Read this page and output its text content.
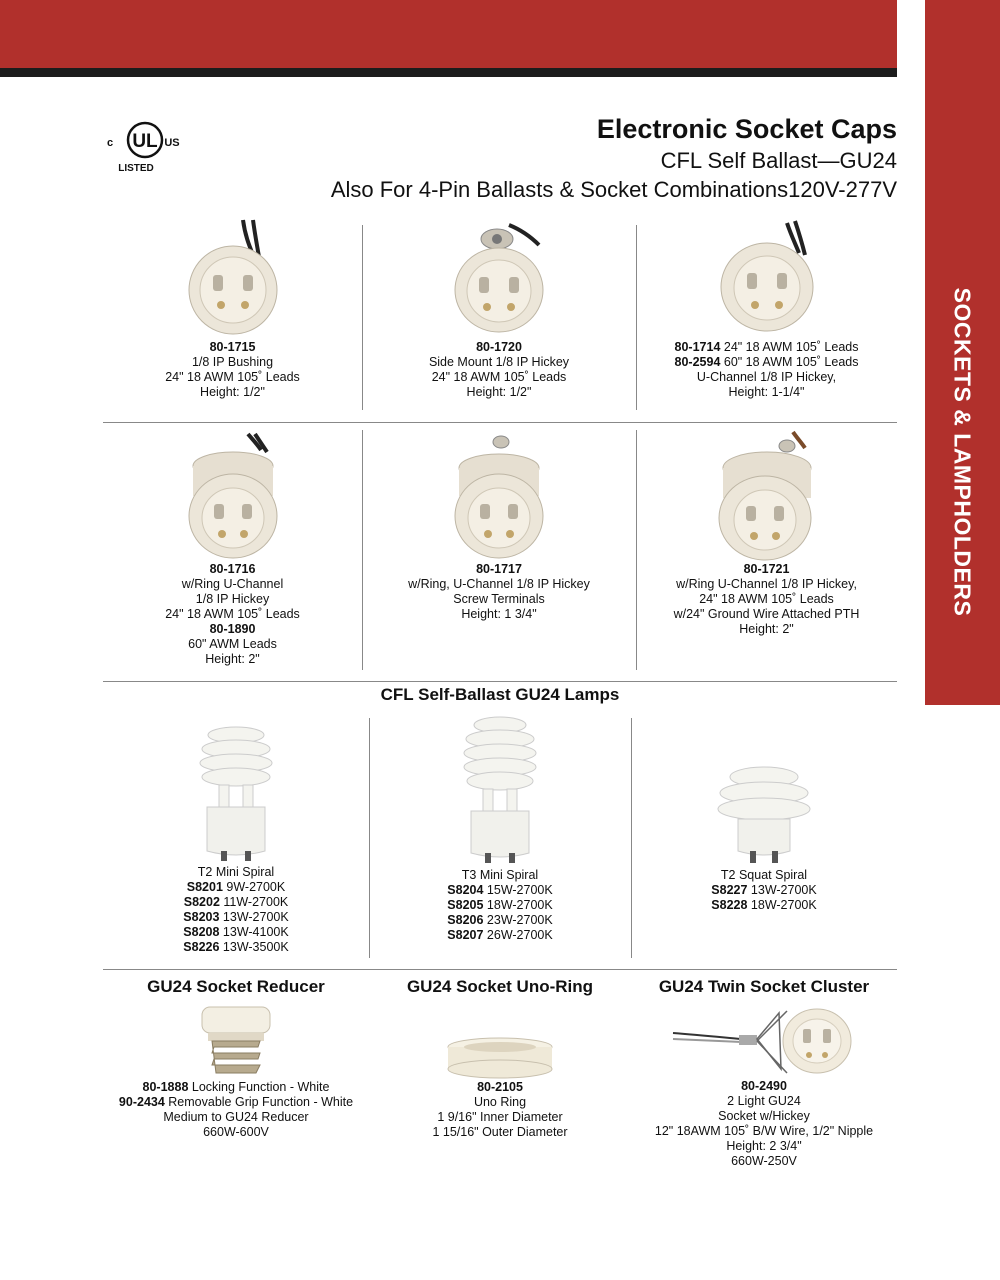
SOCKETS & LAMPHOLDERS
UL
c	US
LISTED
Electronic Socket Caps
CFL Self Ballast—GU24
Also For 4-Pin Ballasts & Socket Combinations120V-277V
80-1715
1/8 IP Bushing
24" 18 AWM 105˚ Leads
Height: 1/2"
80-1720
Side Mount 1/8 IP Hickey
24" 18 AWM 105˚ Leads
Height: 1/2"
80-1714 24" 18 AWM 105˚ Leads
80-2594 60" 18 AWM 105˚ Leads
U-Channel 1/8 IP Hickey,
Height: 1-1/4"
80-1716
w/Ring U-Channel
1/8 IP Hickey
24" 18 AWM 105˚ Leads
80-1890
60" AWM Leads
Height: 2"
80-1717
w/Ring, U-Channel 1/8 IP Hickey
Screw Terminals
Height: 1 3/4"
80-1721
w/Ring U-Channel 1/8 IP Hickey,
24" 18 AWM 105˚ Leads
w/24" Ground Wire Attached PTH
Height: 2"
CFL Self-Ballast GU24 Lamps
T2 Mini Spiral
S8201 9W-2700K
S8202 11W-2700K
S8203 13W-2700K
S8208 13W-4100K
S8226 13W-3500K
T3 Mini Spiral
S8204 15W-2700K
S8205 18W-2700K
S8206 23W-2700K
S8207 26W-2700K
T2 Squat Spiral
S8227 13W-2700K
S8228 18W-2700K
GU24 Socket Reducer	GU24 Socket Uno-Ring	GU24 Twin Socket Cluster
80-1888 Locking Function - White
90-2434 Removable Grip Function - White
Medium to GU24 Reducer
660W-600V
80-2105
Uno Ring
1 9/16" Inner Diameter
1 15/16" Outer Diameter
80-2490
2 Light GU24
Socket w/Hickey
12" 18AWM 105˚ B/W Wire, 1/2" Nipple
Height: 2 3/4"
660W-250V
